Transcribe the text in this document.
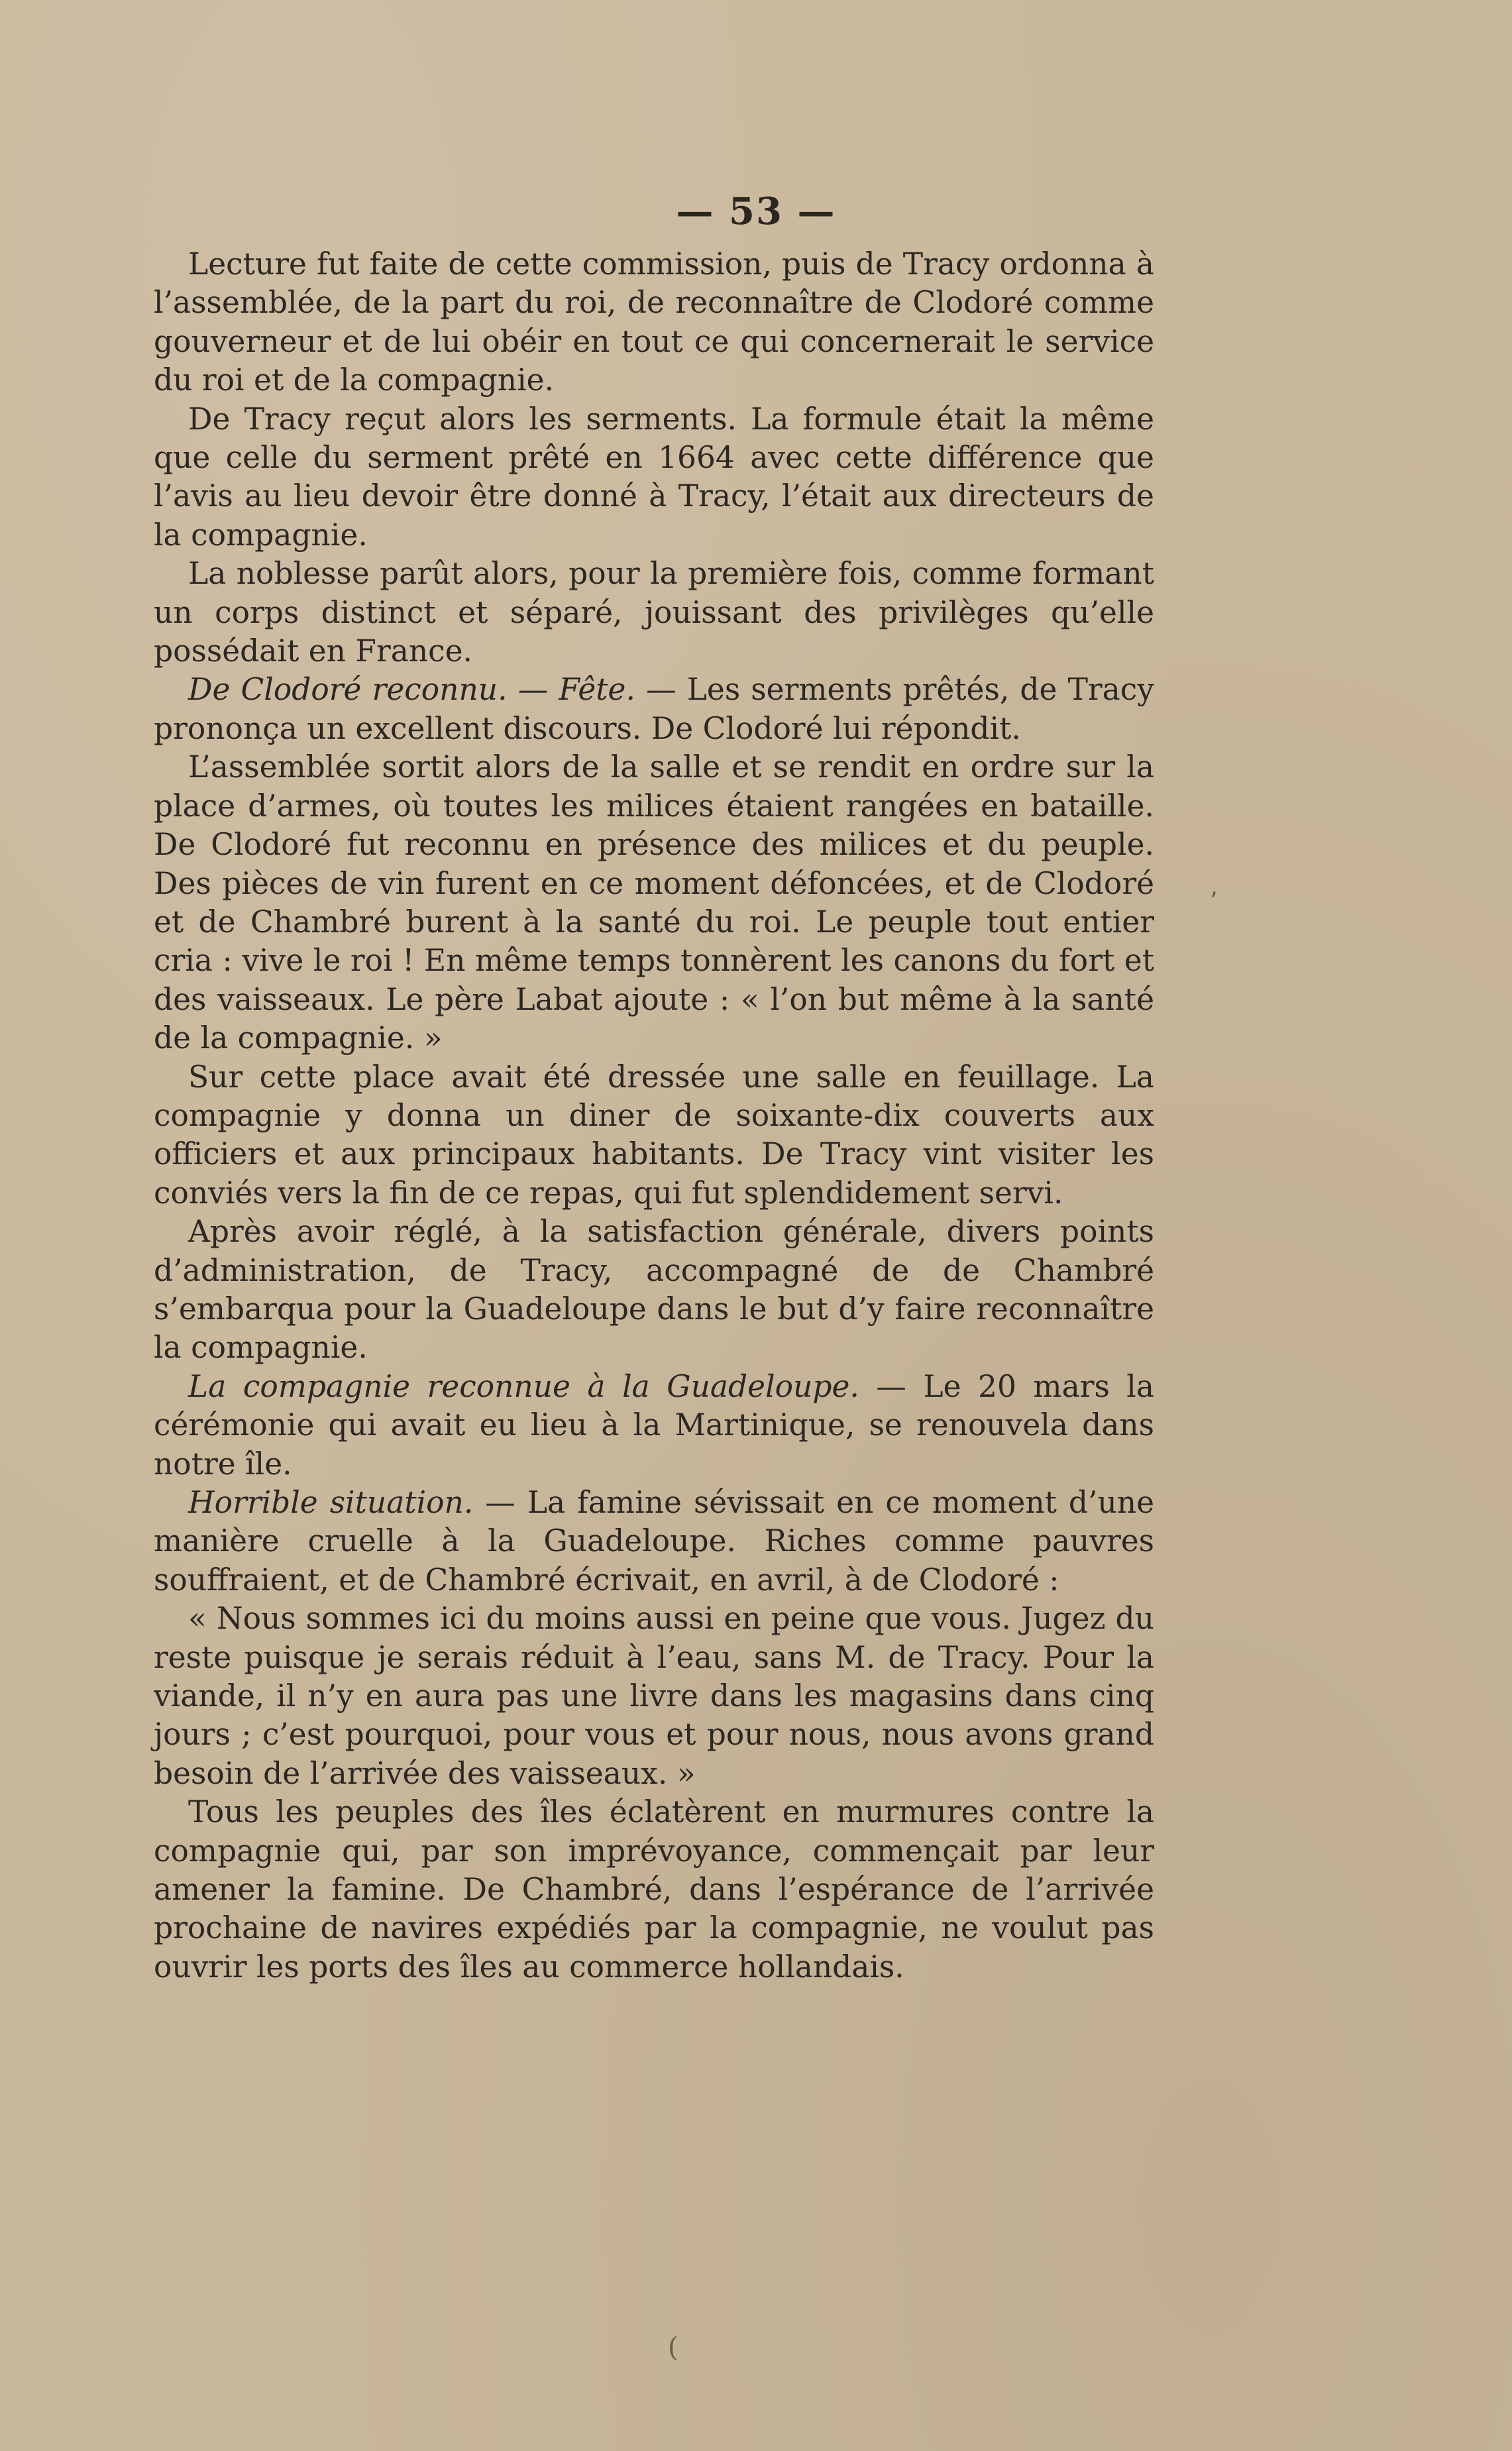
— 53 —

Lecture fut faite de cette commission, puis de Tracy ordonna à l’assemblée, de la part du roi, de reconnaître de Clodoré comme gouverneur et de lui obéir en tout ce qui concernerait le service du roi et de la compagnie.

De Tracy reçut alors les serments. La formule était la même que celle du serment prêté en 1664 avec cette différence que l’avis au lieu devoir être donné à Tracy, l’était aux directeurs de la compagnie.

La noblesse parût alors, pour la première fois, comme formant un corps distinct et séparé, jouissant des privilèges qu’elle possédait en France.

De Clodoré reconnu. — Fête. — Les serments prêtés, de Tracy prononça un excellent discours. De Clodoré lui répondit.

L’assemblée sortit alors de la salle et se rendit en ordre sur la place d’armes, où toutes les milices étaient rangées en bataille. De Clodoré fut reconnu en présence des milices et du peuple. Des pièces de vin furent en ce moment défoncées, et de Clodoré et de Chambré burent à la santé du roi. Le peuple tout entier cria : vive le roi ! En même temps tonnèrent les canons du fort et des vaisseaux. Le père Labat ajoute : « l’on but même à la santé de la compagnie. »

Sur cette place avait été dressée une salle en feuillage. La compagnie y donna un diner de soixante-dix couverts aux officiers et aux principaux habitants. De Tracy vint visiter les conviés vers la fin de ce repas, qui fut splendidement servi.

Après avoir réglé, à la satisfaction générale, divers points d’administration, de Tracy, accompagné de de Chambré s’embarqua pour la Guadeloupe dans le but d’y faire reconnaître la compagnie.

La compagnie reconnue à la Guadeloupe. — Le 20 mars la cérémonie qui avait eu lieu à la Martinique, se renouvela dans notre île.

Horrible situation. — La famine sévissait en ce moment d’une manière cruelle à la Guadeloupe. Riches comme pauvres souffraient, et de Chambré écrivait, en avril, à de Clodoré :

« Nous sommes ici du moins aussi en peine que vous. Jugez du reste puisque je serais réduit à l’eau, sans M. de Tracy. Pour la viande, il n’y en aura pas une livre dans les magasins dans cinq jours ; c’est pourquoi, pour vous et pour nous, nous avons grand besoin de l’arrivée des vaisseaux. »

Tous les peuples des îles éclatèrent en murmures contre la compagnie qui, par son imprévoyance, commençait par leur amener la famine. De Chambré, dans l’espérance de l’arrivée prochaine de navires expédiés par la compagnie, ne voulut pas ouvrir les ports des îles au commerce hollandais.

’
(
